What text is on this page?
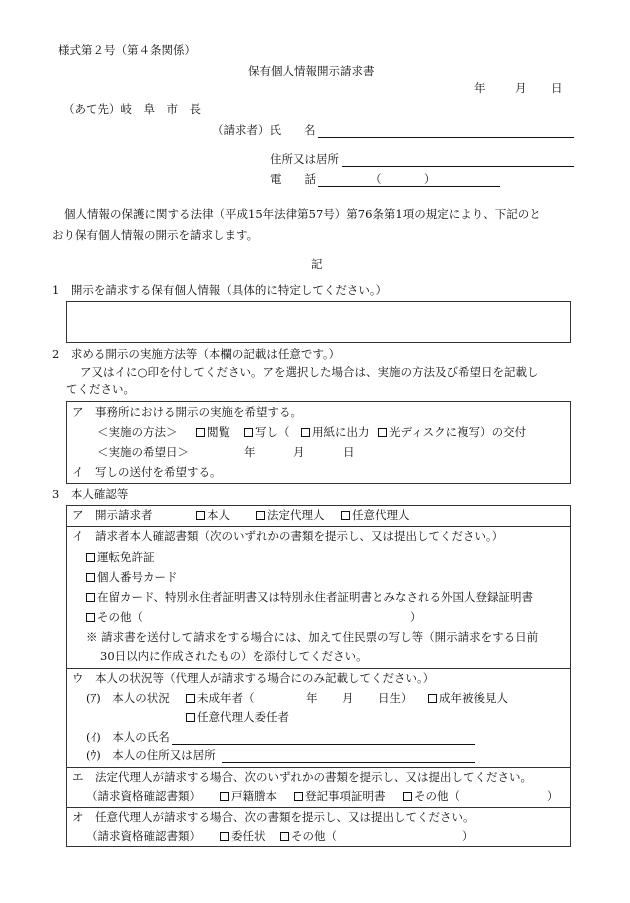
様式第２号（第４条関係）
保有個人情報開示請求書
年	月 日
（あて先）岐　阜　市　長
（請求者）氏　　名
住所又は居所
電　　話	（	）
個人情報の保護に関する法律（平成15年法律第57号）第76条第1項の規定により、下記のと
おり保有個人情報の開示を請求します。
記
1　開示を請求する保有個人情報（具体的に特定してください。）
2　求める開示の実施方法等（本欄の記載は任意です。）
ア又はイに○印を付してください。アを選択した場合は、実施の方法及び希望日を記載し
てください。
ア　事務所における開示の実施を希望する。
＜実施の方法＞	閲覧	写し（	用紙に出力	光ディスクに複写）の交付
＜実施の希望日＞	年	月	日
イ　写しの送付を希望する。
3　本人確認等
ア　開示請求者	本人	法定代理人	任意代理人
イ　請求者本人確認書類（次のいずれかの書類を提示し、又は提出してください。）
運転免許証
個人番号カード
在留カード、特別永住者証明書又は特別永住者証明書とみなされる外国人登録証明書
その他（	）
※ 請求書を送付して請求をする場合には、加えて住民票の写し等（開示請求をする日前
30日以内に作成されたもの）を添付してください。
ウ　本人の状況等（代理人が請求する場合にのみ記載してください。）
(ｱ)　本人の状況	未成年者（	年 月 日生）	成年被後見人
任意代理人委任者
(ｲ)　本人の氏名
(ｳ)　本人の住所又は居所
エ　法定代理人が請求する場合、次のいずれかの書類を提示し、又は提出してください。
（請求資格確認書類）	戸籍謄本	登記事項証明書	その他（	）
オ　任意代理人が請求する場合、次の書類を提示し、又は提出してください。
（請求資格確認書類）	委任状	その他（	）
